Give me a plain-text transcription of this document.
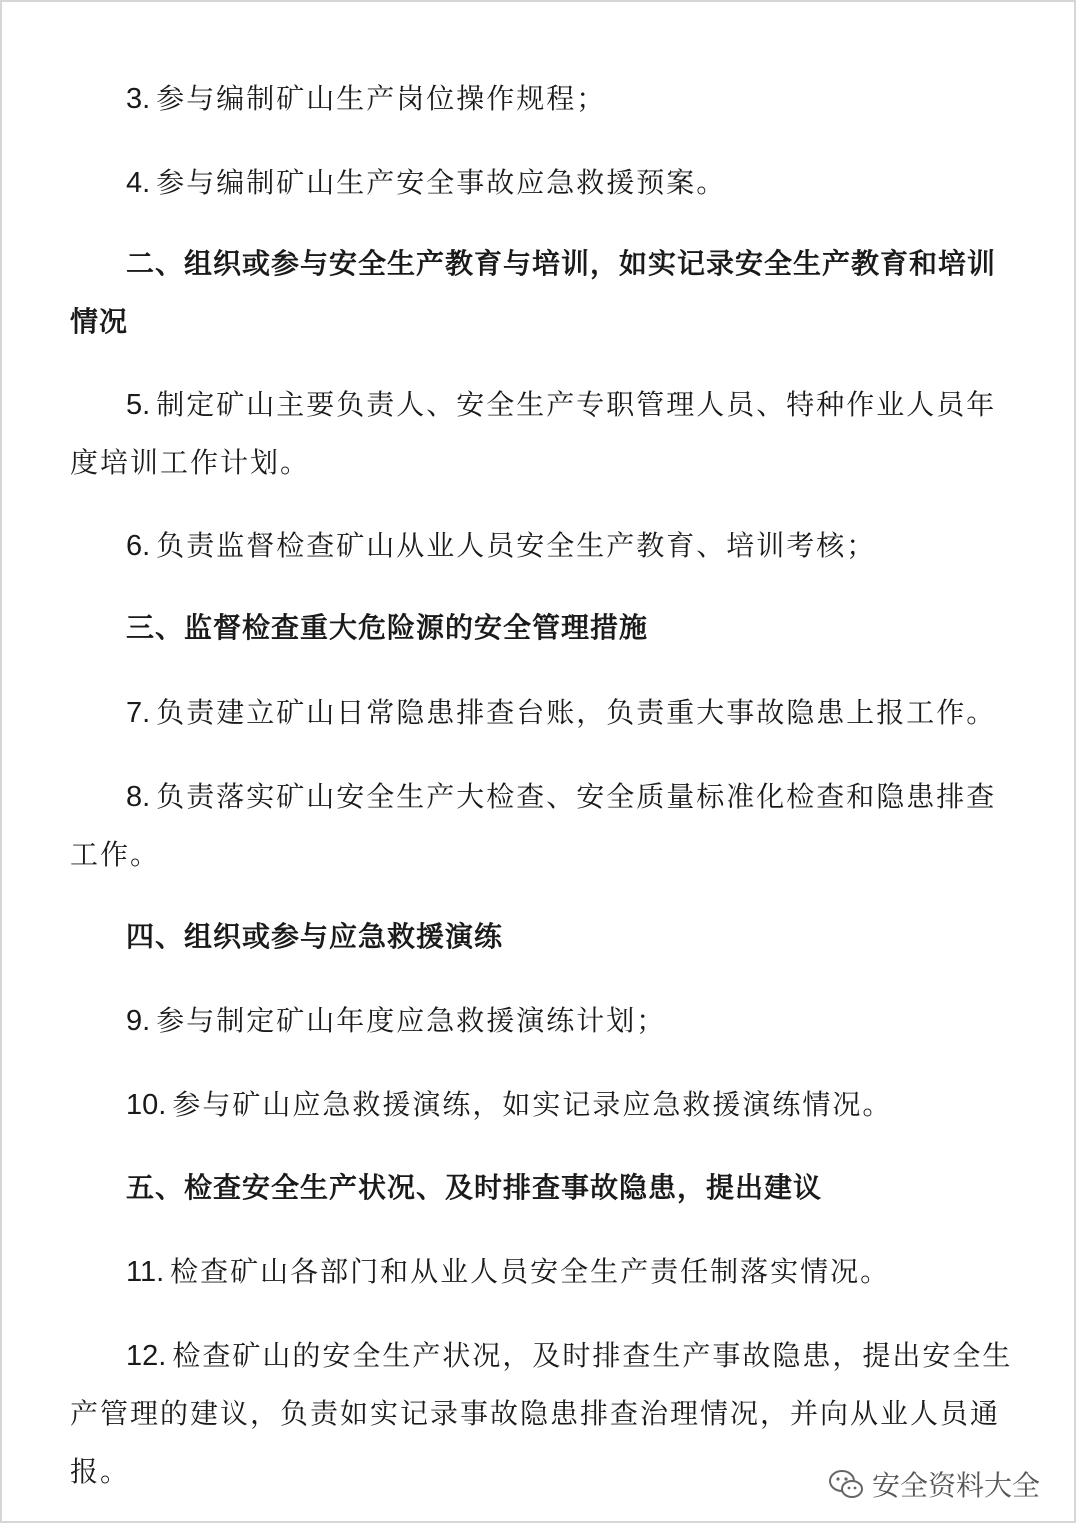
3. 参与编制矿山生产岗位操作规程；
4. 参与编制矿山生产安全事故应急救援预案。
二、组织或参与安全生产教育与培训，如实记录安全生产教育和培训情况
5. 制定矿山主要负责人、安全生产专职管理人员、特种作业人员年度培训工作计划。
6. 负责监督检查矿山从业人员安全生产教育、培训考核；
三、监督检查重大危险源的安全管理措施
7. 负责建立矿山日常隐患排查台账，负责重大事故隐患上报工作。
8. 负责落实矿山安全生产大检查、安全质量标准化检查和隐患排查工作。
四、组织或参与应急救援演练
9. 参与制定矿山年度应急救援演练计划；
10. 参与矿山应急救援演练，如实记录应急救援演练情况。
五、检查安全生产状况、及时排查事故隐患，提出建议
11. 检查矿山各部门和从业人员安全生产责任制落实情况。
12. 检查矿山的安全生产状况，及时排查生产事故隐患，提出安全生产管理的建议，负责如实记录事故隐患排查治理情况，并向从业人员通报。	安全资料大全
